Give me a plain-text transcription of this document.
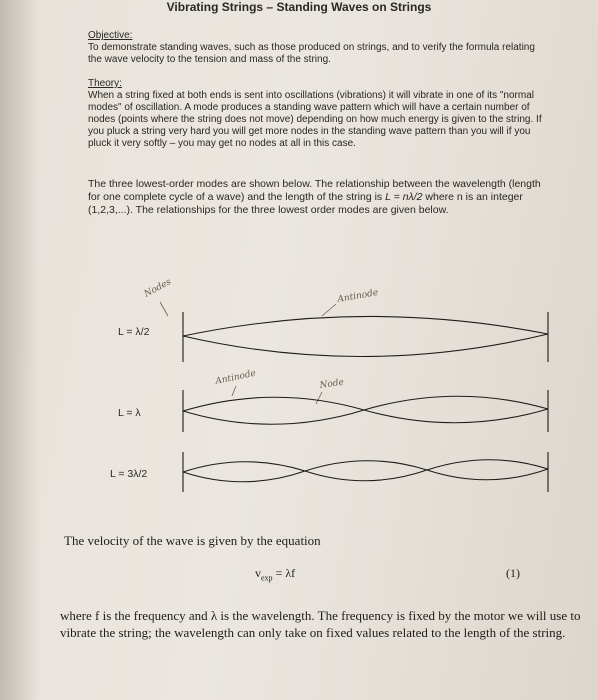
Vibrating Strings – Standing Waves on Strings
Objective:
To demonstrate standing waves, such as those produced on strings, and to verify the formula relating the wave velocity to the tension and mass of the string.
Theory:
When a string fixed at both ends is sent into oscillations (vibrations) it will vibrate in one of its "normal modes" of oscillation. A mode produces a standing wave pattern which will have a certain number of nodes (points where the string does not move) depending on how much energy is given to the string. If you pluck a string very hard you will get more nodes in the standing wave pattern than you will if you pluck it very softly – you may get no nodes at all in this case.
The three lowest-order modes are shown below. The relationship between the wavelength (length for one complete cycle of a wave) and the length of the string is L = nλ/2 where n is an integer (1,2,3,...). The relationships for the three lowest order modes are given below.
Nodes	Antinode
Antinode	Node
L = λ/2
L = λ
L = 3λ/2
The velocity of the wave is given by the equation
$v_{exp} = \lambda f$	(1)
where f is the frequency and λ is the wavelength. The frequency is fixed by the motor we will use to vibrate the string; the wavelength can only take on fixed values related to the length of the string.
